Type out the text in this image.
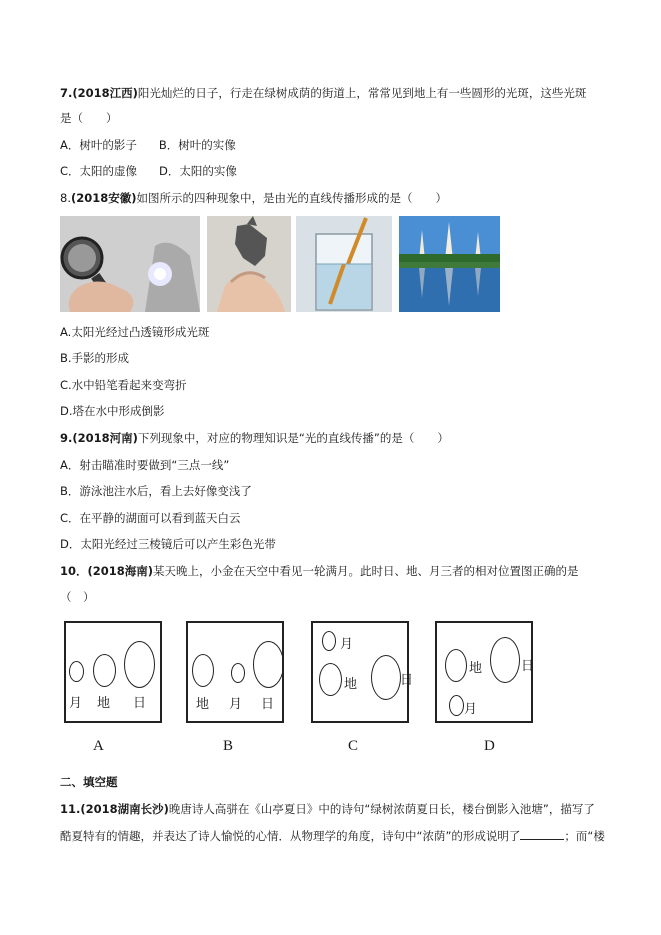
7.(2018江西)阳光灿烂的日子，行走在绿树成荫的街道上，常常见到地上有一些圆形的光斑，这些光斑
是（　　）
A．树叶的影子 B．树叶的实像
C．太阳的虚像 D．太阳的实像
8.(2018安徽)如图所示的四种现象中，是由光的直线传播形成的是（　　）
A.太阳光经过凸透镜形成光斑
B.手影的形成
C.水中铅笔看起来变弯折
D.塔在水中形成倒影
9.(2018河南)下列现象中，对应的物理知识是“光的直线传播”的是（　　）
A．射击瞄准时要做到“三点一线”
B．游泳池注水后，看上去好像变浅了
C．在平静的湖面可以看到蓝天白云
D．太阳光经过三棱镜后可以产生彩色光带
10．(2018海南)某天晚上，小金在天空中看见一轮满月。此时日、地、月三者的相对位置图正确的是
（　）
月 地 日	地 月 日
月
地	日
地	日
月
A	B	C	D
二、填空题
11.(2018湖南长沙)晚唐诗人高骈在《山亭夏日》中的诗句“绿树浓荫夏日长，楼台倒影入池塘”，描写了
酷夏特有的情趣，并表达了诗人愉悦的心情．从物理学的角度，诗句中“浓荫”的形成说明了	；而“楼
